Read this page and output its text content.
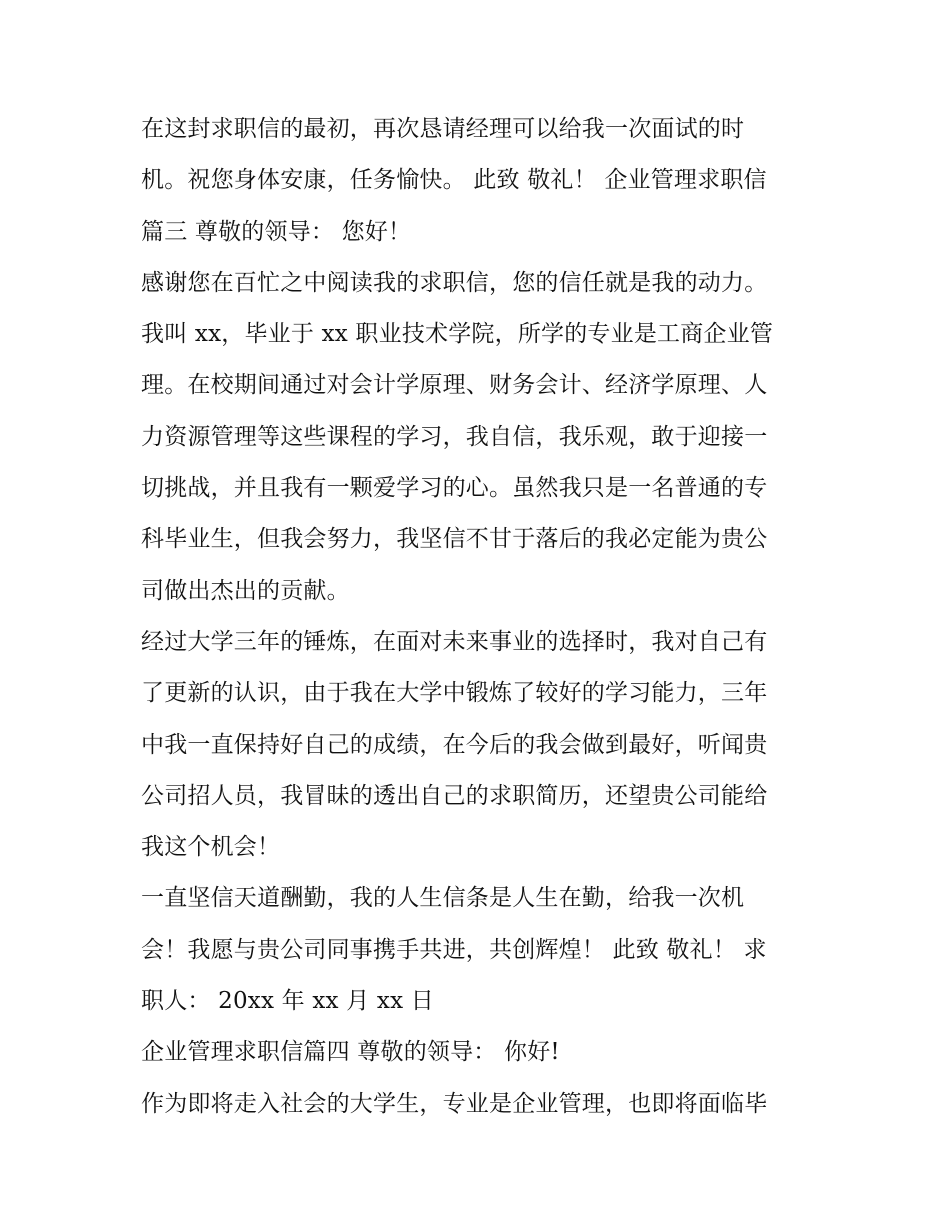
在这封求职信的最初，再次恳请经理可以给我一次面试的时
机。祝您身体安康，任务愉快。 此致 敬礼！ 企业管理求职信
篇三 尊敬的领导： 您好！
感谢您在百忙之中阅读我的求职信，您的信任就是我的动力。
我叫 xx，毕业于 xx 职业技术学院，所学的专业是工商企业管
理。在校期间通过对会计学原理、财务会计、经济学原理、人
力资源管理等这些课程的学习，我自信，我乐观，敢于迎接一
切挑战，并且我有一颗爱学习的心。虽然我只是一名普通的专
科毕业生，但我会努力，我坚信不甘于落后的我必定能为贵公
司做出杰出的贡献。
经过大学三年的锤炼，在面对未来事业的选择时，我对自己有
了更新的认识，由于我在大学中锻炼了较好的学习能力，三年
中我一直保持好自己的成绩，在今后的我会做到最好，听闻贵
公司招人员，我冒昧的透出自己的求职简历，还望贵公司能给
我这个机会！
一直坚信天道酬勤，我的人生信条是人生在勤，给我一次机
会！我愿与贵公司同事携手共进，共创辉煌！ 此致 敬礼！ 求
职人： 20xx 年 xx 月 xx 日
企业管理求职信篇四 尊敬的领导： 你好!
作为即将走入社会的大学生，专业是企业管理，也即将面临毕
